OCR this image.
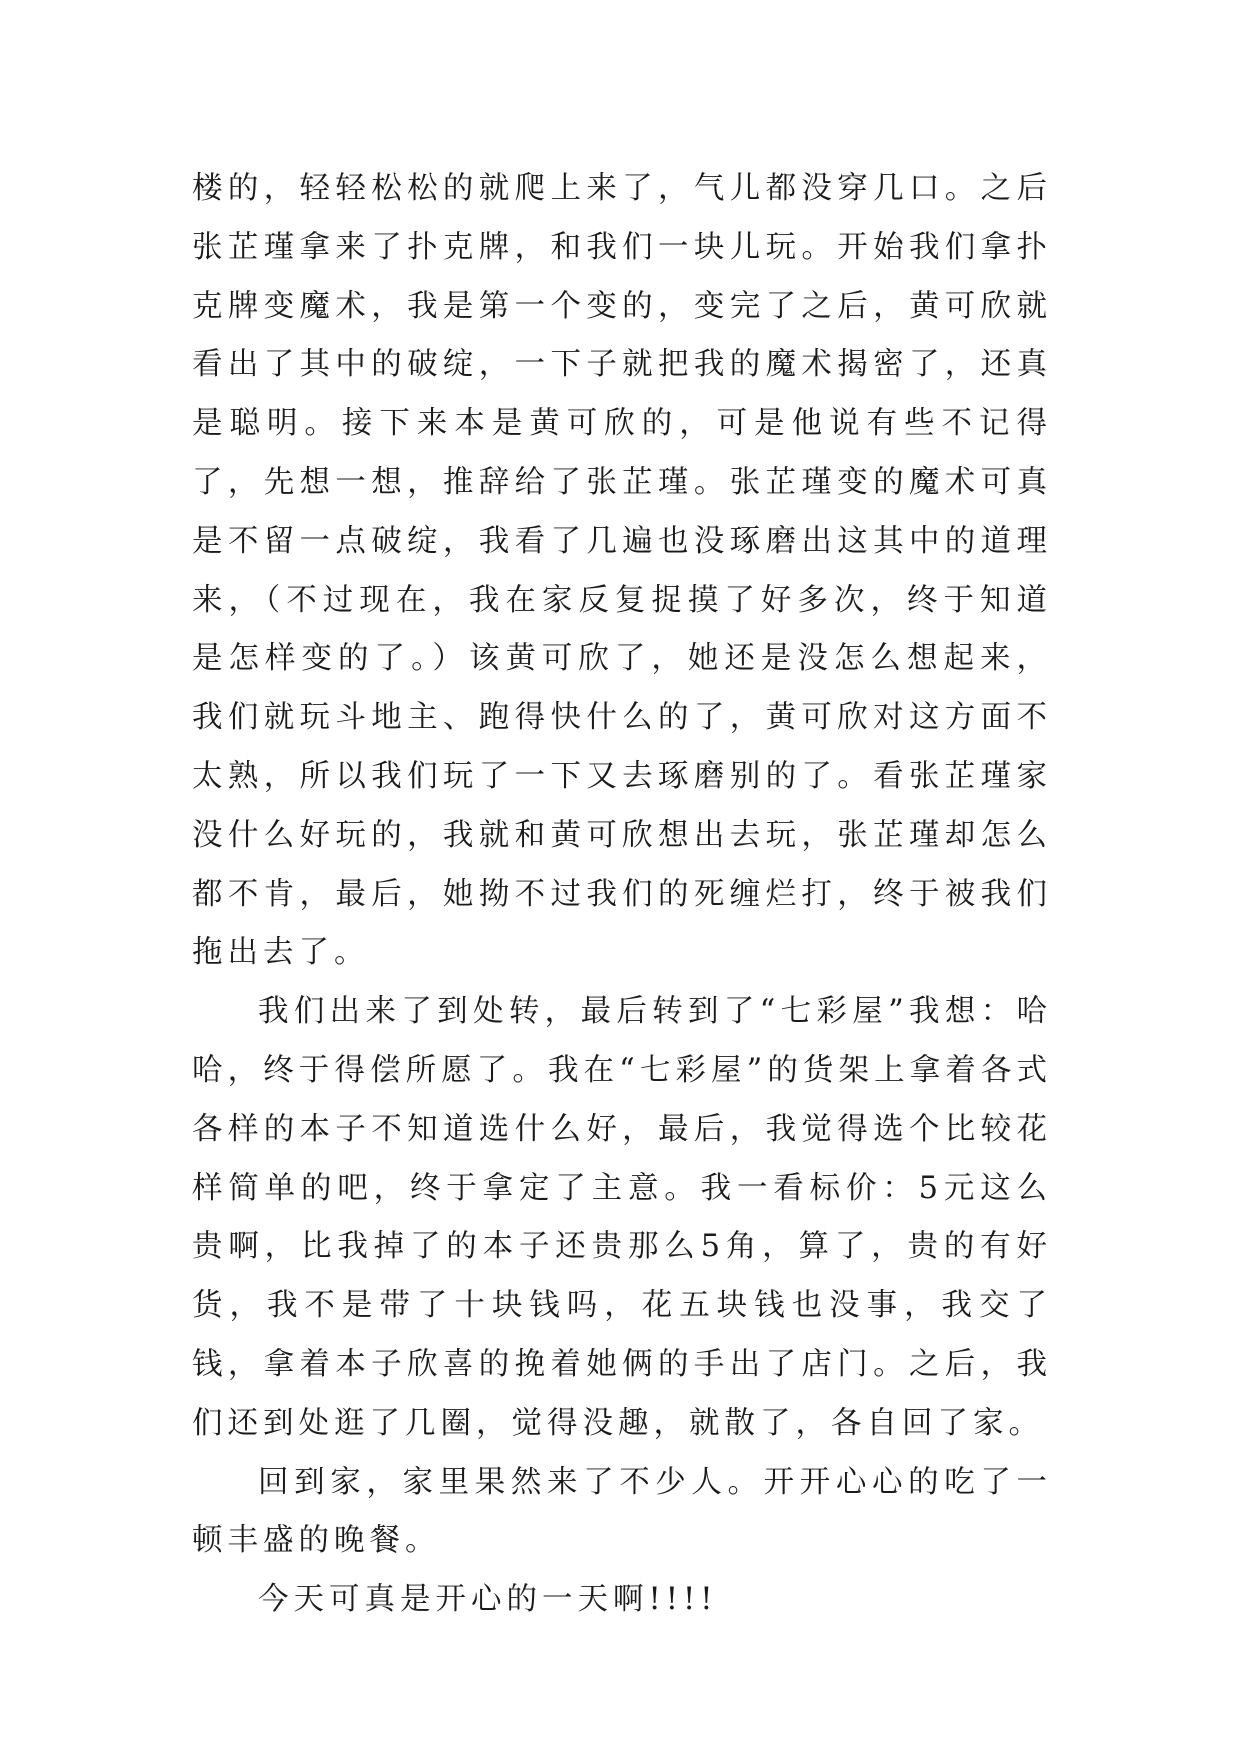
楼的，轻轻松松的就爬上来了，气儿都没穿几口。之后张芷瑾拿来了扑克牌，和我们一块儿玩。开始我们拿扑克牌变魔术，我是第一个变的，变完了之后，黄可欣就看出了其中的破绽，一下子就把我的魔术揭密了，还真是聪明。接下来本是黄可欣的，可是他说有些不记得了，先想一想，推辞给了张芷瑾。张芷瑾变的魔术可真是不留一点破绽，我看了几遍也没琢磨出这其中的道理来，（不过现在，我在家反复捉摸了好多次，终于知道是怎样变的了。）该黄可欣了，她还是没怎么想起来，我们就玩斗地主、跑得快什么的了，黄可欣对这方面不太熟，所以我们玩了一下又去琢磨别的了。看张芷瑾家没什么好玩的，我就和黄可欣想出去玩，张芷瑾却怎么都不肯，最后，她拗不过我们的死缠烂打，终于被我们拖出去了。

我们出来了到处转，最后转到了“七彩屋”我想：哈哈，终于得偿所愿了。我在“七彩屋”的货架上拿着各式各样的本子不知道选什么好，最后，我觉得选个比较花样简单的吧，终于拿定了主意。我一看标价：5元这么贵啊，比我掉了的本子还贵那么5角，算了，贵的有好货，我不是带了十块钱吗，花五块钱也没事，我交了钱，拿着本子欣喜的挽着她俩的手出了店门。之后，我们还到处逛了几圈，觉得没趣，就散了，各自回了家。

回到家，家里果然来了不少人。开开心心的吃了一顿丰盛的晚餐。

今天可真是开心的一天啊!!!!
